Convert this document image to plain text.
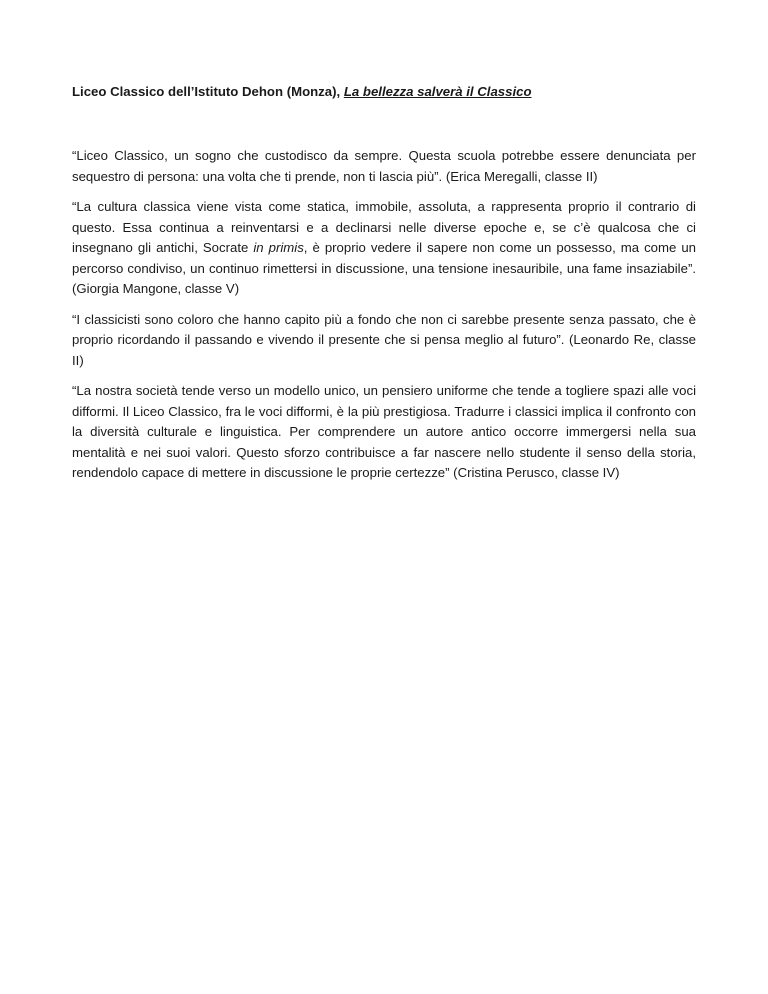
Liceo Classico dell’Istituto Dehon (Monza), La bellezza salverà il Classico

“Liceo Classico, un sogno che custodisco da sempre. Questa scuola potrebbe essere denunciata per sequestro di persona: una volta che ti prende, non ti lascia più”. (Erica Meregalli, classe II)

“La cultura classica viene vista come statica, immobile, assoluta, a rappresenta proprio il contrario di questo. Essa continua a reinventarsi e a declinarsi nelle diverse epoche e, se c’è qualcosa che ci insegnano gli antichi, Socrate in primis, è proprio vedere il sapere non come un possesso, ma come un percorso condiviso, un continuo rimettersi in discussione, una tensione inesauribile, una fame insaziabile”. (Giorgia Mangone, classe V)

“I classicisti sono coloro che hanno capito più a fondo che non ci sarebbe presente senza passato, che è proprio ricordando il passando e vivendo il presente che si pensa meglio al futuro”. (Leonardo Re, classe II)

“La nostra società tende verso un modello unico, un pensiero uniforme che tende a togliere spazi alle voci difformi. Il Liceo Classico, fra le voci difformi, è la più prestigiosa. Tradurre i classici implica il confronto con la diversità culturale e linguistica. Per comprendere un autore antico occorre immergersi nella sua mentalità e nei suoi valori. Questo sforzo contribuisce a far nascere nello studente il senso della storia, rendendolo capace di mettere in discussione le proprie certezze” (Cristina Perusco, classe IV)
